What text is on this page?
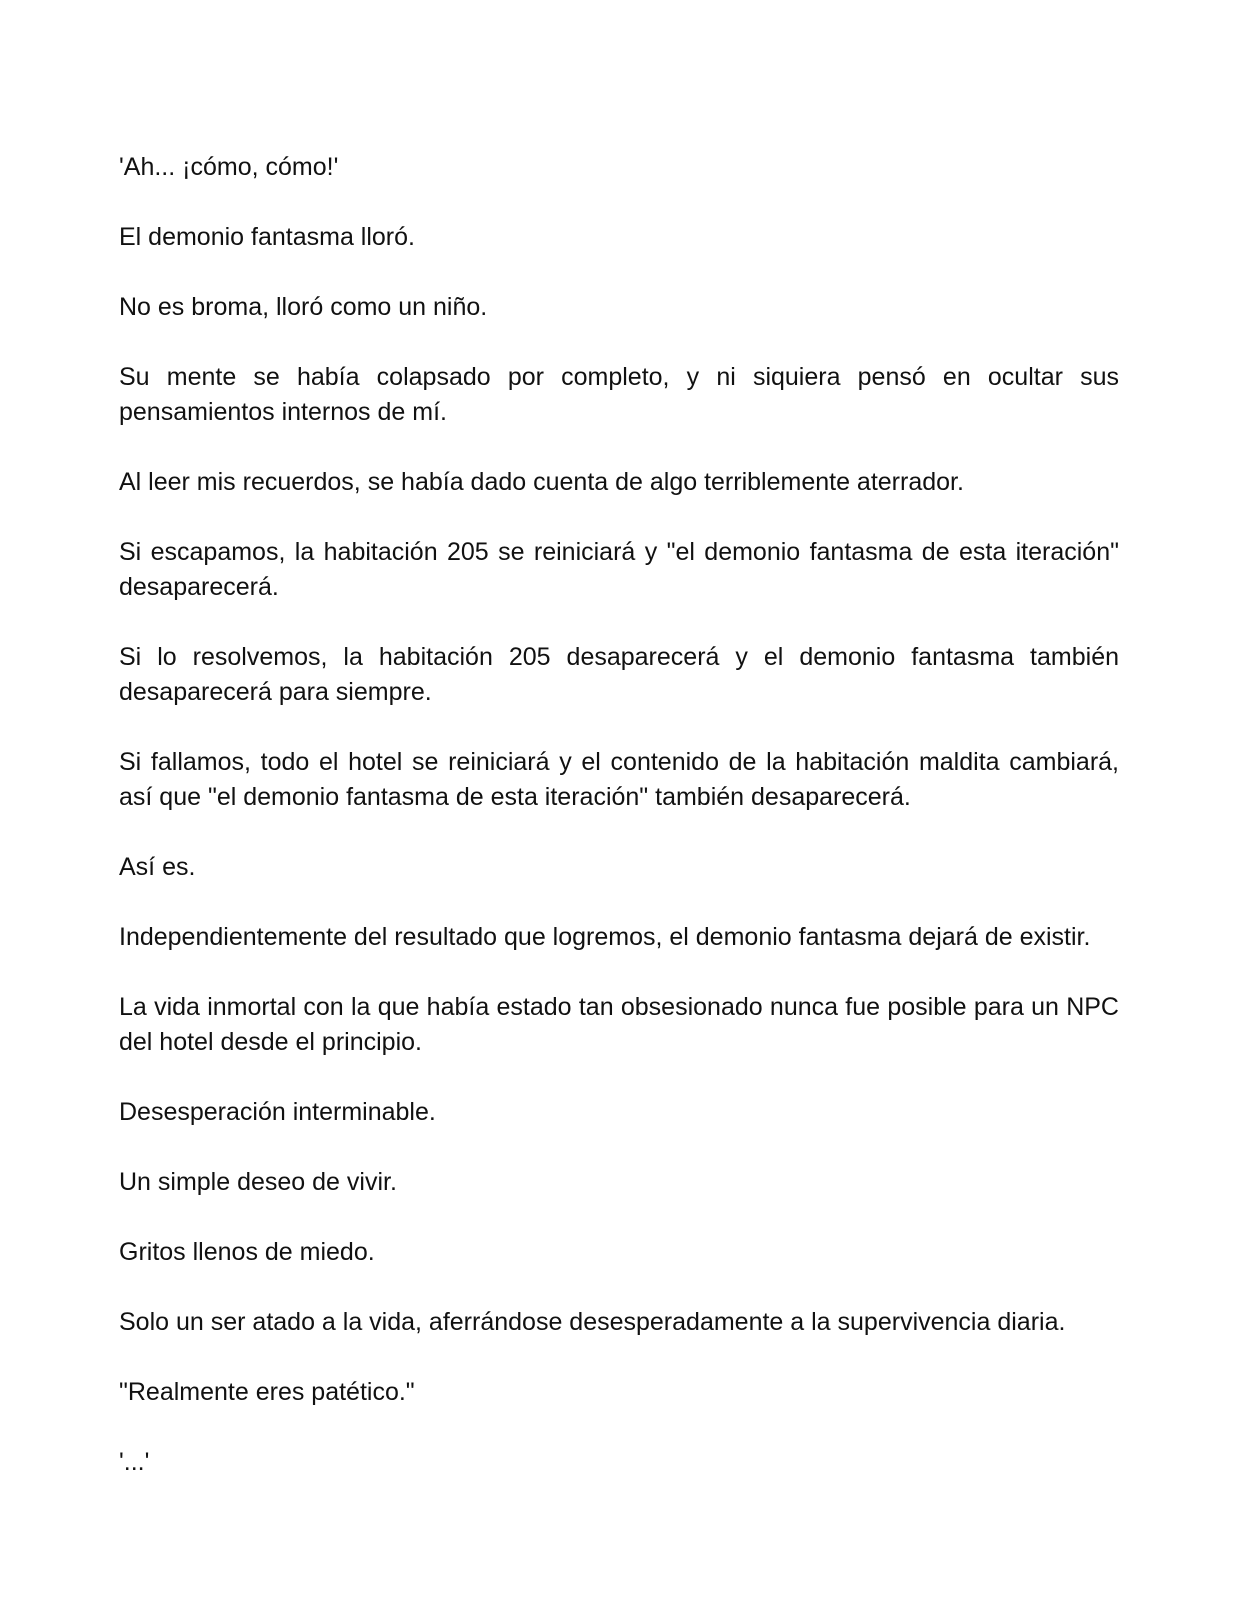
'Ah... ¡cómo, cómo!'

El demonio fantasma lloró.

No es broma, lloró como un niño.

Su mente se había colapsado por completo, y ni siquiera pensó en ocultar sus pensamientos internos de mí.

Al leer mis recuerdos, se había dado cuenta de algo terriblemente aterrador.

Si escapamos, la habitación 205 se reiniciará y "el demonio fantasma de esta iteración" desaparecerá.

Si lo resolvemos, la habitación 205 desaparecerá y el demonio fantasma también desaparecerá para siempre.

Si fallamos, todo el hotel se reiniciará y el contenido de la habitación maldita cambiará, así que "el demonio fantasma de esta iteración" también desaparecerá.

Así es.

Independientemente del resultado que logremos, el demonio fantasma dejará de existir.

La vida inmortal con la que había estado tan obsesionado nunca fue posible para un NPC del hotel desde el principio.

Desesperación interminable.

Un simple deseo de vivir.

Gritos llenos de miedo.

Solo un ser atado a la vida, aferrándose desesperadamente a la supervivencia diaria.

"Realmente eres patético."

'...'
